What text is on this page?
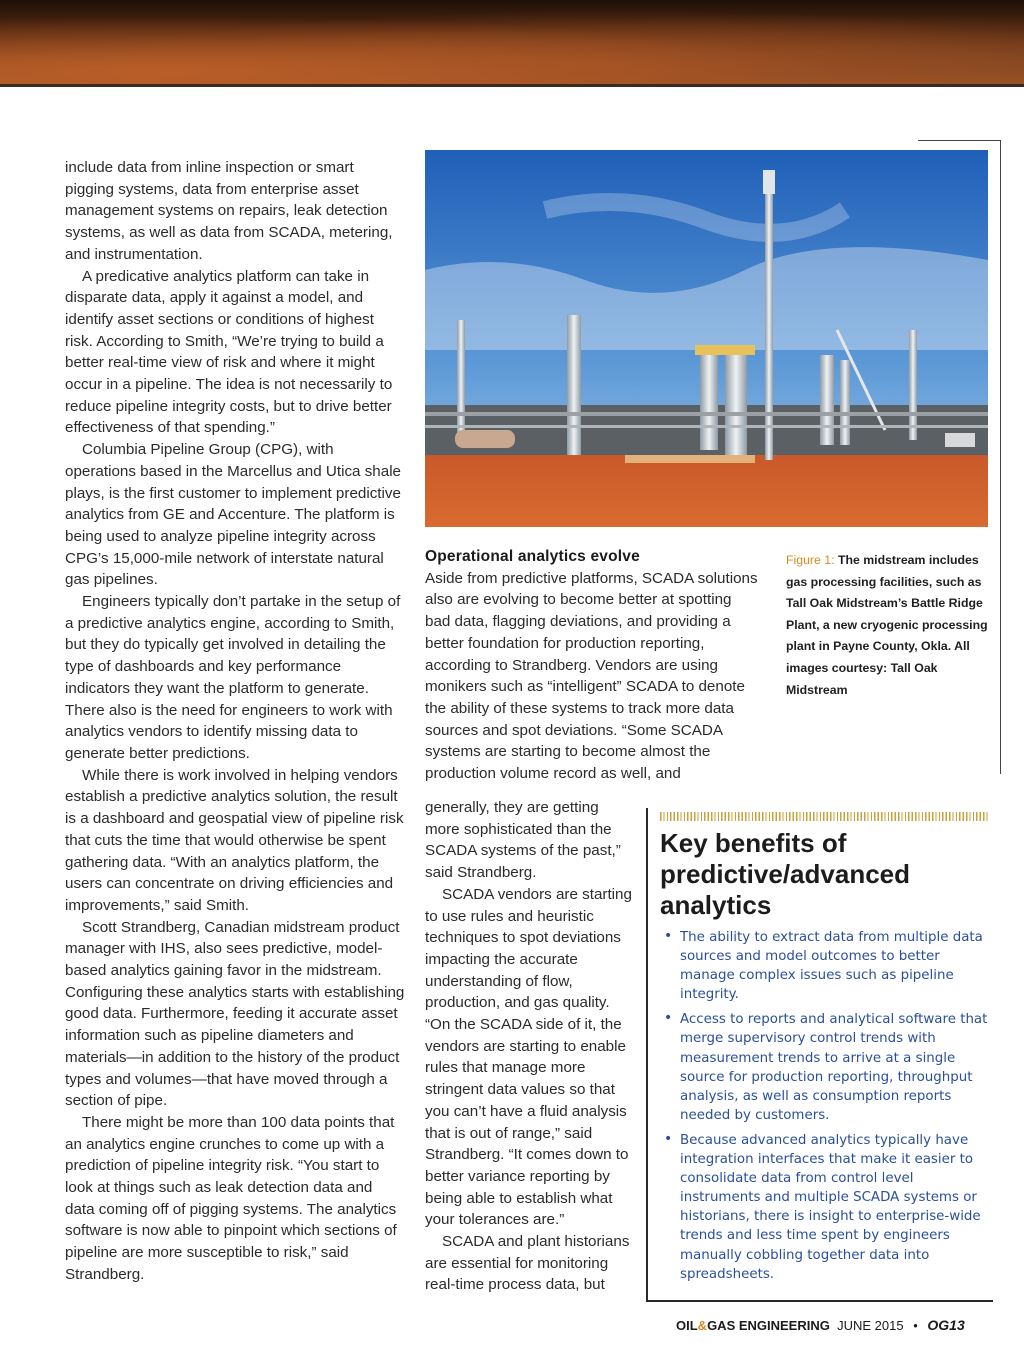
include data from inline inspection or smart pigging systems, data from enterprise asset management systems on repairs, leak detection systems, as well as data from SCADA, metering, and instrumentation.

A predicative analytics platform can take in disparate data, apply it against a model, and identify asset sections or conditions of highest risk. According to Smith, “We’re trying to build a better real-time view of risk and where it might occur in a pipeline. The idea is not necessarily to reduce pipeline integrity costs, but to drive better effectiveness of that spending.”

Columbia Pipeline Group (CPG), with operations based in the Marcellus and Utica shale plays, is the first customer to implement predictive analytics from GE and Accenture. The platform is being used to analyze pipeline integrity across CPG’s 15,000-mile network of interstate natural gas pipelines.

Engineers typically don’t partake in the setup of a predictive analytics engine, according to Smith, but they do typically get involved in detailing the type of dashboards and key performance indicators they want the platform to generate. There also is the need for engineers to work with analytics vendors to identify missing data to generate better predictions.

While there is work involved in helping vendors establish a predictive analytics solution, the result is a dashboard and geospatial view of pipeline risk that cuts the time that would otherwise be spent gathering data. “With an analytics platform, the users can concentrate on driving efficiencies and improvements,” said Smith.

Scott Strandberg, Canadian midstream product manager with IHS, also sees predictive, model-based analytics gaining favor in the midstream. Configuring these analytics starts with establishing good data. Furthermore, feeding it accurate asset information such as pipeline diameters and materials—in addition to the history of the product types and volumes—that have moved through a section of pipe.

There might be more than 100 data points that an analytics engine crunches to come up with a prediction of pipeline integrity risk. “You start to look at things such as leak detection data and data coming off of pigging systems. The analytics software is now able to pinpoint which sections of pipeline are more susceptible to risk,” said Strandberg.

Operational analytics evolve

Aside from predictive platforms, SCADA solutions also are evolving to become better at spotting bad data, flagging deviations, and providing a better foundation for production reporting, according to Strandberg. Vendors are using monikers such as “intelligent” SCADA to denote the ability of these systems to track more data sources and spot deviations. “Some SCADA systems are starting to become almost the production volume record as well, and

generally, they are getting more sophisticated than the SCADA systems of the past,” said Strandberg.

SCADA vendors are starting to use rules and heuristic techniques to spot deviations impacting the accurate understanding of flow, production, and gas quality. “On the SCADA side of it, the vendors are starting to enable rules that manage more stringent data values so that you can’t have a fluid analysis that is out of range,” said Strandberg. “It comes down to better variance reporting by being able to establish what your tolerances are.”

SCADA and plant historians are essential for monitoring real-time process data, but

Figure 1: The midstream includes gas processing facilities, such as Tall Oak Midstream’s Battle Ridge Plant, a new cryogenic processing plant in Payne County, Okla. All images courtesy: Tall Oak Midstream
Key benefits of predictive/advanced analytics
• The ability to extract data from multiple data sources and model outcomes to better manage complex issues such as pipeline integrity.
• Access to reports and analytical software that merge supervisory control trends with measurement trends to arrive at a single source for production reporting, throughput analysis, as well as consumption reports needed by customers.
• Because advanced analytics typically have integration interfaces that make it easier to consolidate data from control level instruments and multiple SCADA systems or historians, there is insight to enterprise-wide trends and less time spent by engineers manually cobbling together data into spreadsheets.
OIL&GAS ENGINEERING JUNE 2015 • OG13
